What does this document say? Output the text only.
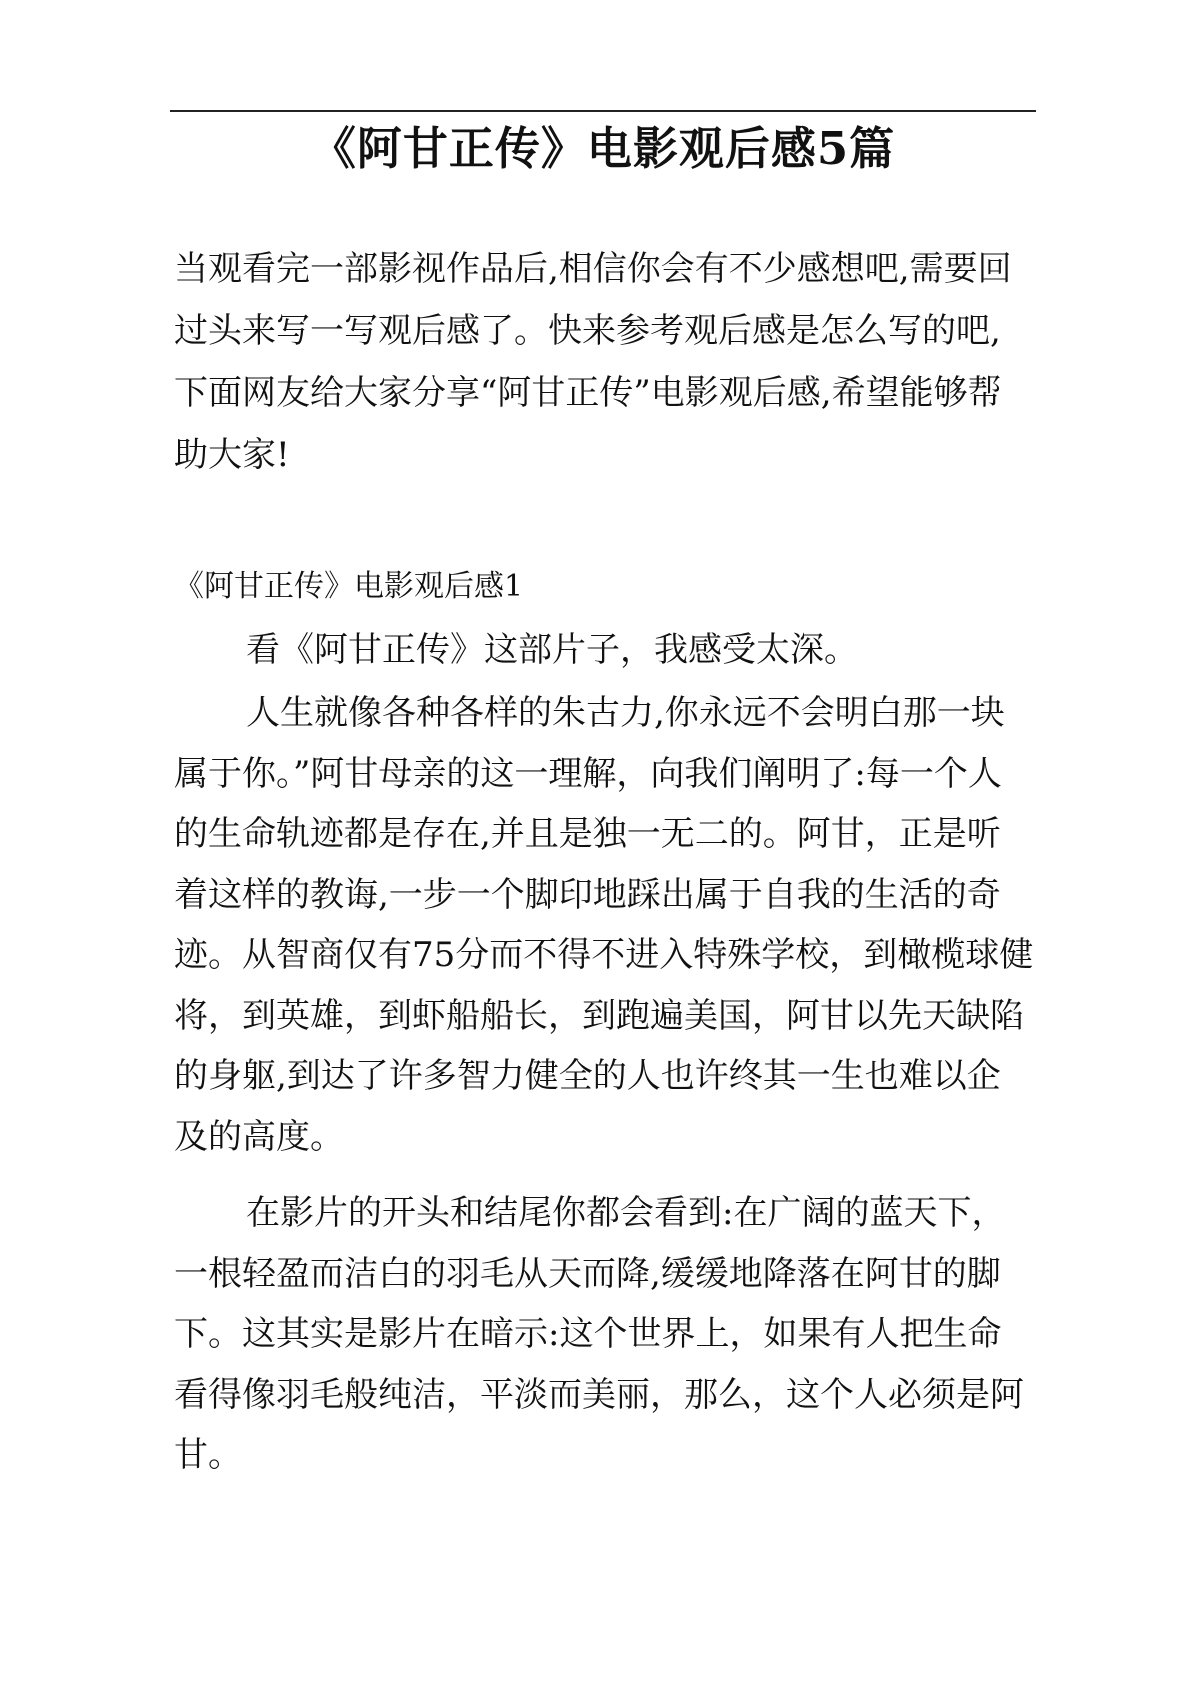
《阿甘正传》电影观后感5篇

当观看完一部影视作品后,相信你会有不少感想吧,需要回过头来写一写观后感了。快来参考观后感是怎么写的吧,下面网友给大家分享“阿甘正传”电影观后感,希望能够帮助大家!

《阿甘正传》电影观后感1

看《阿甘正传》这部片子，我感受太深。

人生就像各种各样的朱古力,你永远不会明白那一块属于你。”阿甘母亲的这一理解，向我们阐明了:每一个人的生命轨迹都是存在,并且是独一无二的。阿甘，正是听着这样的教诲,一步一个脚印地踩出属于自我的生活的奇迹。从智商仅有75分而不得不进入特殊学校，到橄榄球健将，到英雄，到虾船船长，到跑遍美国，阿甘以先天缺陷的身躯,到达了许多智力健全的人也许终其一生也难以企及的高度。

在影片的开头和结尾你都会看到:在广阔的蓝天下，一根轻盈而洁白的羽毛从天而降,缓缓地降落在阿甘的脚下。这其实是影片在暗示:这个世界上，如果有人把生命看得像羽毛般纯洁，平淡而美丽，那么，这个人必须是阿甘。
